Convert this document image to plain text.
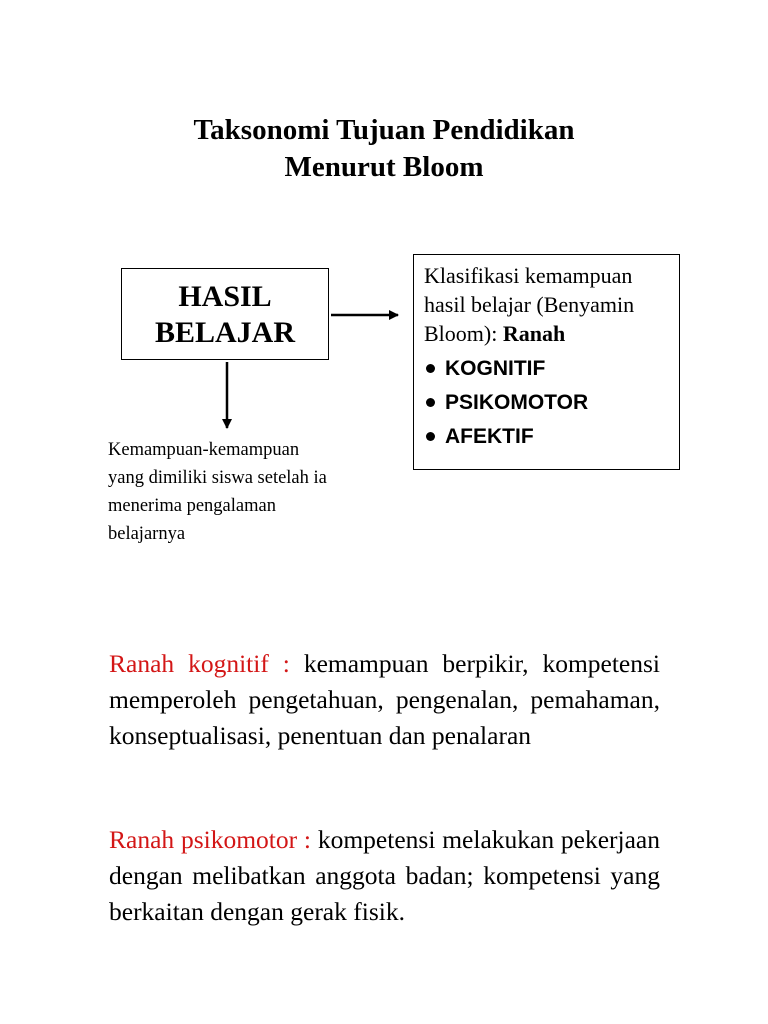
Taksonomi Tujuan Pendidikan
Menurut Bloom
HASIL
BELAJAR
Klasifikasi kemampuan
hasil belajar (Benyamin
Bloom): Ranah
KOGNITIF
PSIKOMOTOR
AFEKTIF
Kemampuan-kemampuan
yang dimiliki siswa setelah ia
menerima pengalaman
belajarnya
Ranah kognitif : kemampuan berpikir, kompetensi memperoleh pengetahuan, pengenalan, pemahaman, konseptualisasi, penentuan dan penalaran
Ranah psikomotor : kompetensi melakukan pekerjaan dengan melibatkan anggota badan; kompetensi yang berkaitan dengan gerak fisik.
